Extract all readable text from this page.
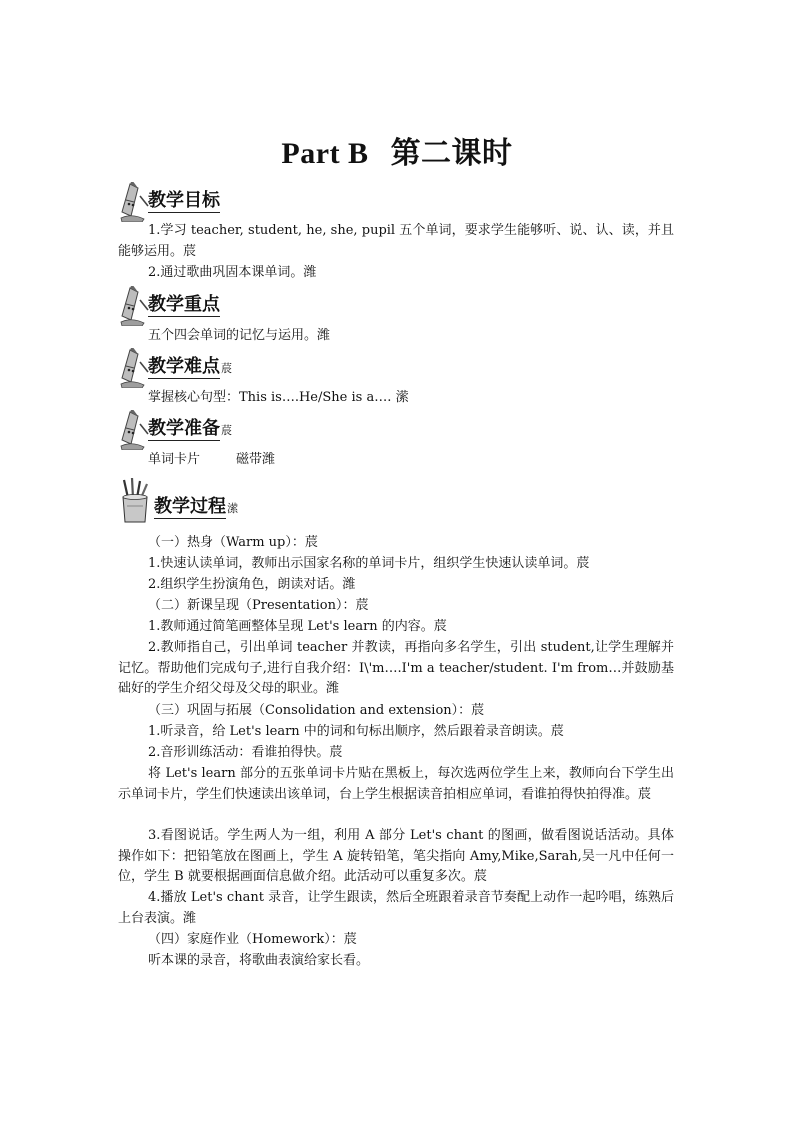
Part B 第二课时
教学目标
1.学习 teacher, student, he, she, pupil 五个单词，要求学生能够听、说、认、读，并且能够运用。莀
2.通过歌曲巩固本课单词。潍
教学重点
五个四会单词的记忆与运用。潍
教学难点莀
掌握核心句型：This is….He/She is a…. 潆
教学准备莀
单词卡片	磁带潍
教学过程潆
（一）热身（Warm up）：莀
1.快速认读单词，教师出示国家名称的单词卡片，组织学生快速认读单词。莀
2.组织学生扮演角色，朗读对话。潍
（二）新课呈现（Presentation）：莀
1.教师通过简笔画整体呈现 Let's learn 的内容。莀
2.教师指自己，引出单词 teacher 并教读，再指向多名学生，引出 student,让学生理解并记忆。帮助他们完成句子,进行自我介绍：I\'m….I'm a teacher/student. I'm from…并鼓励基础好的学生介绍父母及父母的职业。潍
（三）巩固与拓展（Consolidation and extension）：莀
1.听录音，给 Let's learn 中的词和句标出顺序，然后跟着录音朗读。莀
2.音形训练活动：看谁拍得快。莀
将 Let's learn 部分的五张单词卡片贴在黑板上，每次选两位学生上来，教师向台下学生出示单词卡片，学生们快速读出该单词，台上学生根据读音拍相应单词，看谁拍得快拍得准。莀
3.看图说话。学生两人为一组，利用 A 部分 Let's chant 的图画，做看图说话活动。具体操作如下：把铅笔放在图画上，学生 A 旋转铅笔，笔尖指向 Amy,Mike,Sarah,吴一凡中任何一位，学生 B 就要根据画面信息做介绍。此活动可以重复多次。莀
4.播放 Let's chant 录音，让学生跟读，然后全班跟着录音节奏配上动作一起吟唱，练熟后上台表演。潍
（四）家庭作业（Homework）：莀
听本课的录音，将歌曲表演给家长看。
